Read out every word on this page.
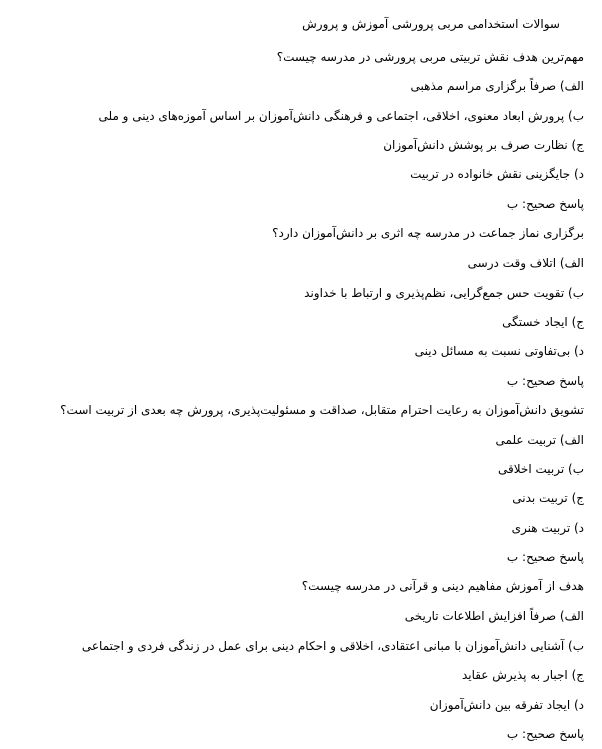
سوالات استخدامی مربی پرورشی آموزش و پرورش
مهم‌ترین هدف نقش تربیتی مربی پرورشی در مدرسه چیست؟
الف) صرفاً برگزاری مراسم مذهبی
ب) پرورش ابعاد معنوی، اخلاقی، اجتماعی و فرهنگی دانش‌آموزان بر اساس آموزه‌های دینی و ملی
ج) نظارت صرف بر پوشش دانش‌آموزان
د) جایگزینی نقش خانواده در تربیت
پاسخ صحیح: ب
برگزاری نماز جماعت در مدرسه چه اثری بر دانش‌آموزان دارد؟
الف) اتلاف وقت درسی
ب) تقویت حس جمع‌گرایی، نظم‌پذیری و ارتباط با خداوند
ج) ایجاد خستگی
د) بی‌تفاوتی نسبت به مسائل دینی
پاسخ صحیح: ب
تشویق دانش‌آموزان به رعایت احترام متقابل، صداقت و مسئولیت‌پذیری، پرورش چه بعدی از تربیت است؟
الف) تربیت علمی
ب) تربیت اخلاقی
ج) تربیت بدنی
د) تربیت هنری
پاسخ صحیح: ب
هدف از آموزش مفاهیم دینی و قرآنی در مدرسه چیست؟
الف) صرفاً افزایش اطلاعات تاریخی
ب) آشنایی دانش‌آموزان با مبانی اعتقادی، اخلاقی و احکام دینی برای عمل در زندگی فردی و اجتماعی
ج) اجبار به پذیرش عقاید
د) ایجاد تفرقه بین دانش‌آموزان
پاسخ صحیح: ب
